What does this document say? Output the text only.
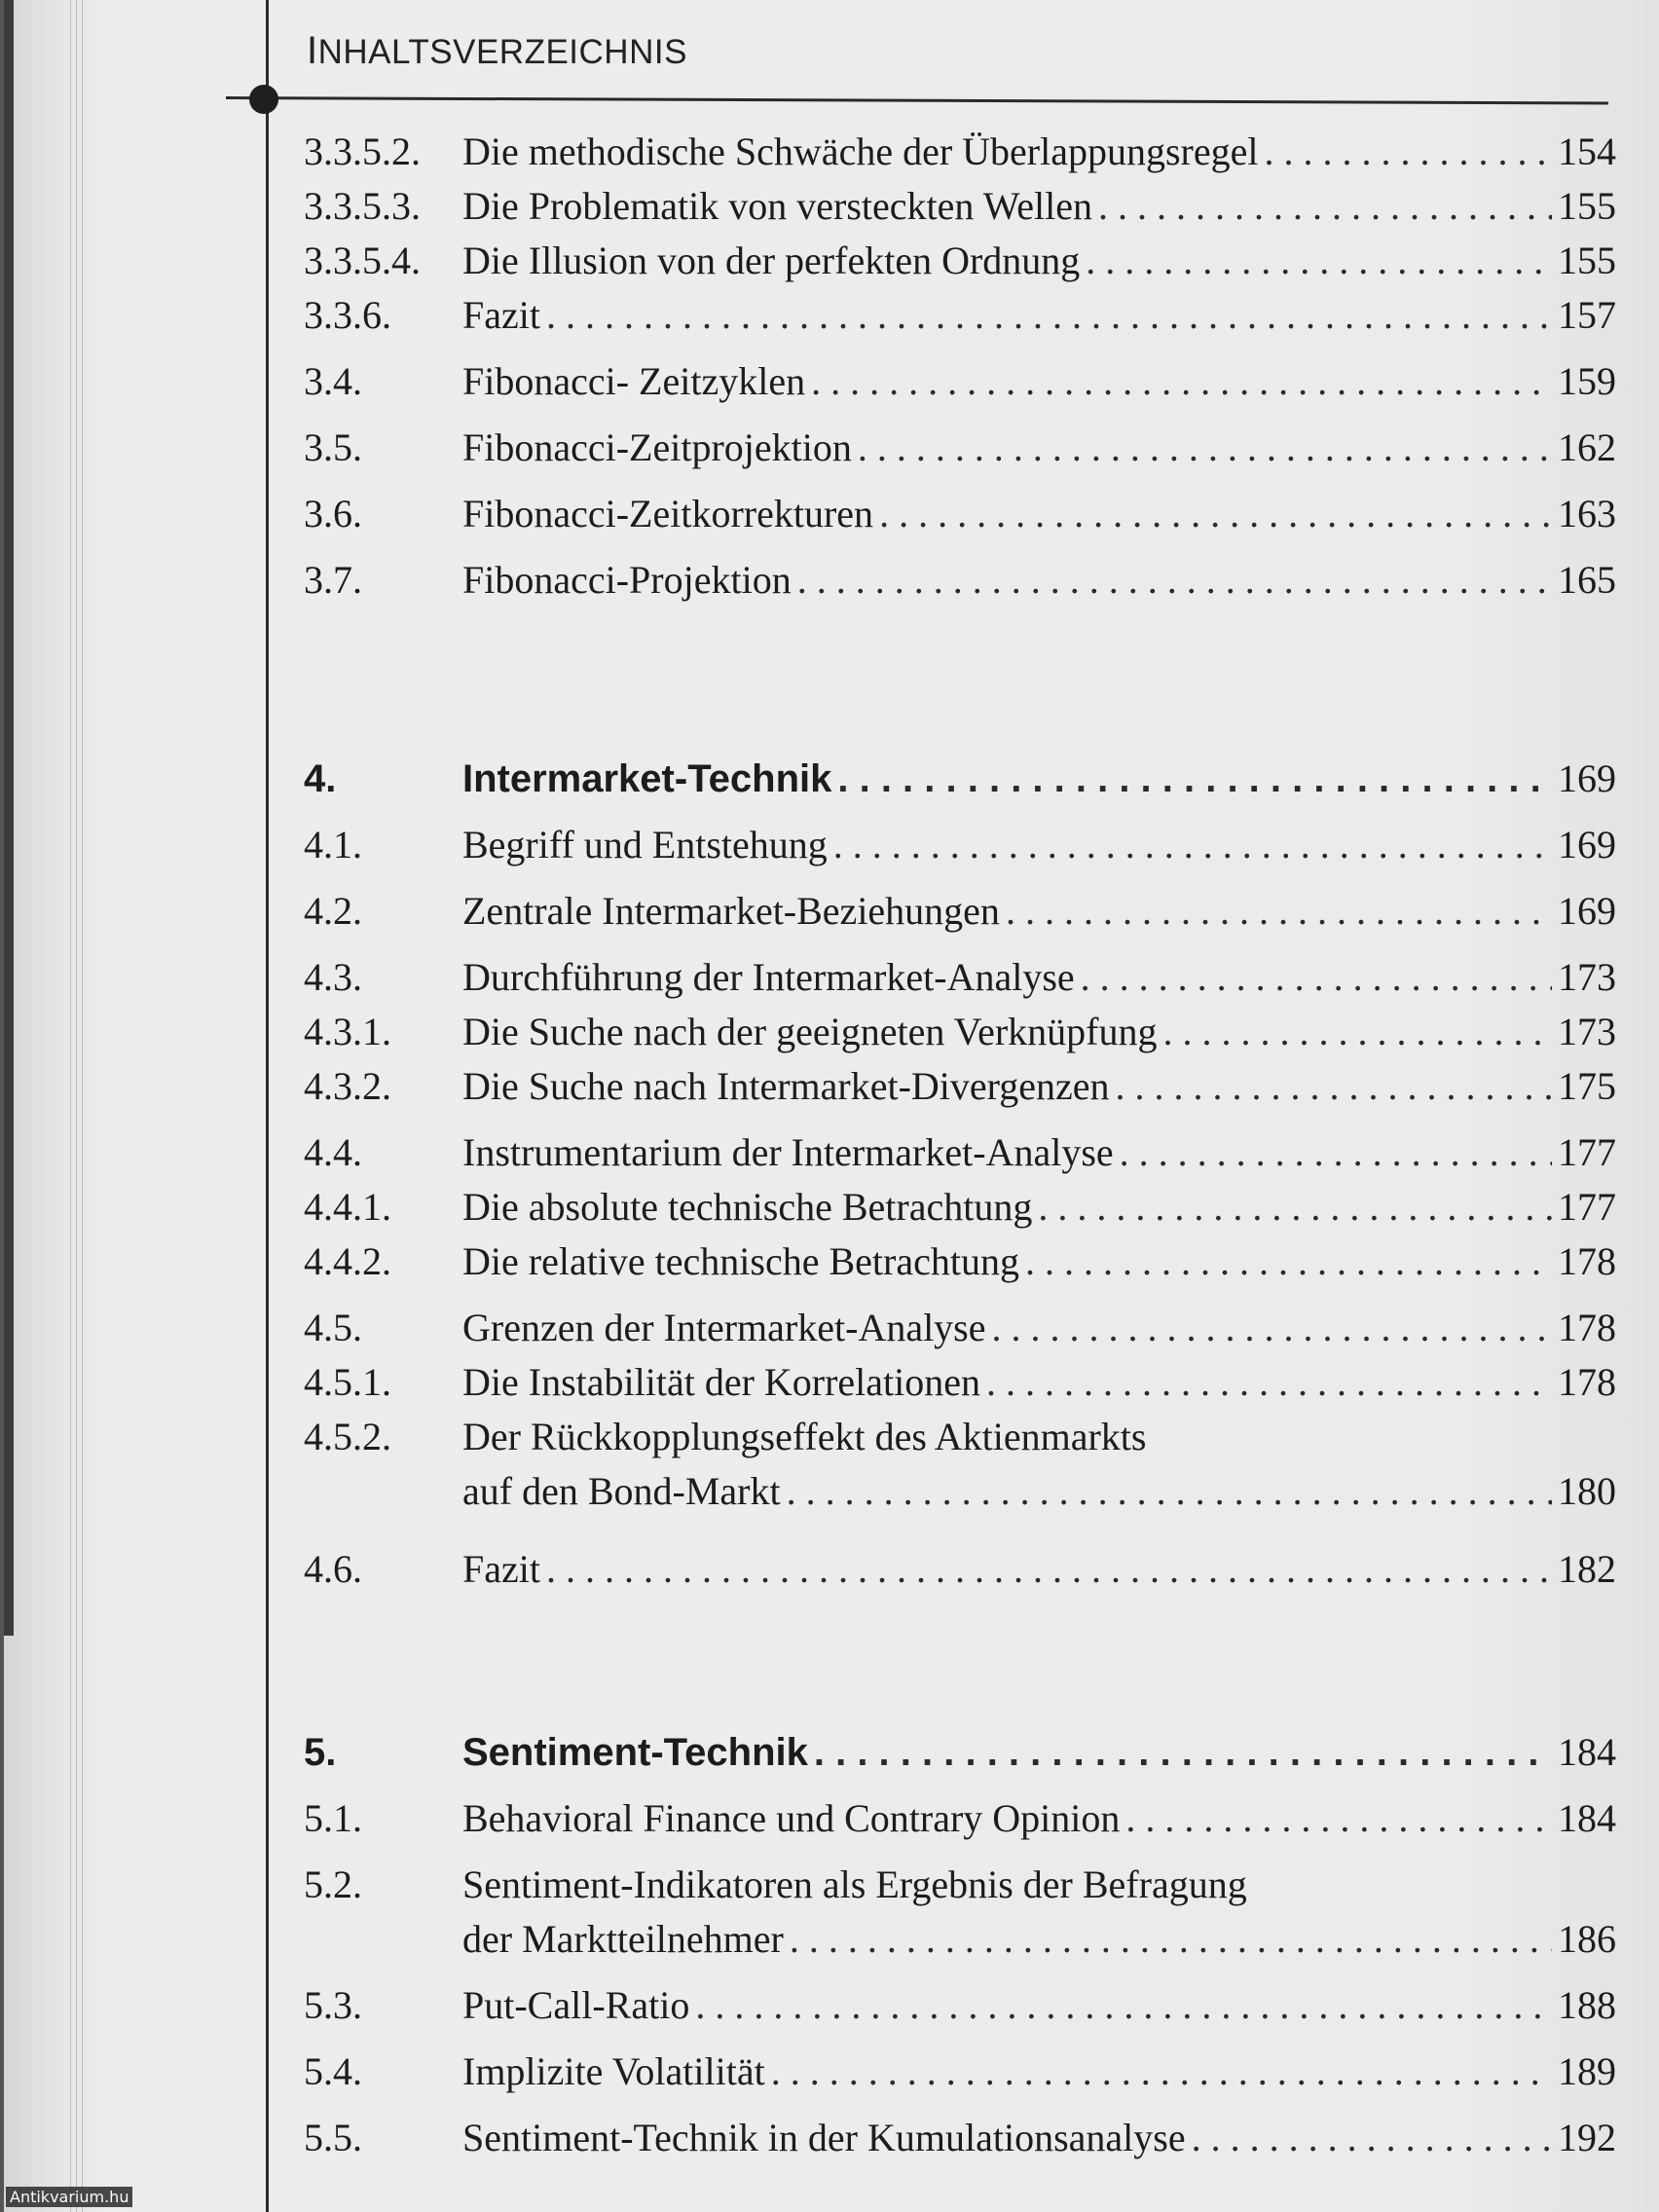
INHALTSVERZEICHNIS
3.3.5.2.	Die methodische Schwäche der Überlappungsregel . . .	154
3.3.5.3.	Die Problematik von versteckten Wellen . . .	155
3.3.5.4.	Die Illusion von der perfekten Ordnung . . .	155
3.3.6.	Fazit . . .	157
3.4.	Fibonacci- Zeitzyklen . . .	159
3.5.	Fibonacci-Zeitprojektion . . .	162
3.6.	Fibonacci-Zeitkorrekturen . . .	163
3.7.	Fibonacci-Projektion . . .	165
4.	Intermarket-Technik . . .	169
4.1.	Begriff und Entstehung . . .	169
4.2.	Zentrale Intermarket-Beziehungen . . .	169
4.3.	Durchführung der Intermarket-Analyse . . .	173
4.3.1.	Die Suche nach der geeigneten Verknüpfung . . .	173
4.3.2.	Die Suche nach Intermarket-Divergenzen . . .	175
4.4.	Instrumentarium der Intermarket-Analyse . . .	177
4.4.1.	Die absolute technische Betrachtung . . .	177
4.4.2.	Die relative technische Betrachtung . . .	178
4.5.	Grenzen der Intermarket-Analyse . . .	178
4.5.1.	Die Instabilität der Korrelationen . . .	178
4.5.2.	Der Rückkopplungseffekt des Aktienmarkts
auf den Bond-Markt . . .	180
4.6.	Fazit . . .	182
5.	Sentiment-Technik . . .	184
5.1.	Behavioral Finance und Contrary Opinion . . .	184
5.2.	Sentiment-Indikatoren als Ergebnis der Befragung
der Marktteilnehmer . . .	186
5.3.	Put-Call-Ratio . . .	188
5.4.	Implizite Volatilität . . .	189
5.5.	Sentiment-Technik in der Kumulationsanalyse . . .	192
Antikvarium.hu
